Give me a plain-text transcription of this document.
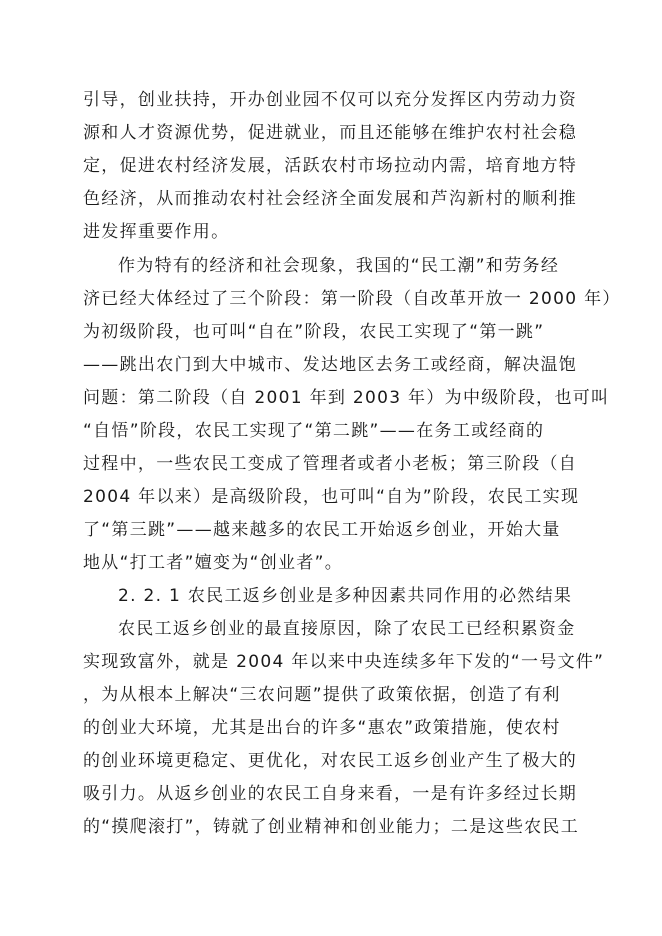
引导，创业扶持，开办创业园不仅可以充分发挥区内劳动力资
源和人才资源优势，促进就业，而且还能够在维护农村社会稳
定，促进农村经济发展，活跃农村市场拉动内需，培育地方特
色经济，从而推动农村社会经济全面发展和芦沟新村的顺利推
进发挥重要作用。
作为特有的经济和社会现象，我国的“民工潮”和劳务经
济已经大体经过了三个阶段：第一阶段（自改革开放一 2000 年）
为初级阶段，也可叫“自在”阶段，农民工实现了“第一跳”
——跳出农门到大中城市、发达地区去务工或经商，解决温饱
问题：第二阶段（自 2001 年到 2003 年）为中级阶段，也可叫
“自悟”阶段，农民工实现了“第二跳”——在务工或经商的
过程中，一些农民工变成了管理者或者小老板；第三阶段（自
2004 年以来）是高级阶段，也可叫“自为”阶段，农民工实现
了“第三跳”——越来越多的农民工开始返乡创业，开始大量
地从“打工者”嬗变为“创业者”。
2. 2. 1 农民工返乡创业是多种因素共同作用的必然结果
农民工返乡创业的最直接原因，除了农民工已经积累资金
实现致富外，就是 2004 年以来中央连续多年下发的“一号文件”
，为从根本上解决“三农问题”提供了政策依据，创造了有利
的创业大环境，尤其是出台的许多“惠农”政策措施，使农村
的创业环境更稳定、更优化，对农民工返乡创业产生了极大的
吸引力。从返乡创业的农民工自身来看，一是有许多经过长期
的“摸爬滚打”，铸就了创业精神和创业能力；二是这些农民工
